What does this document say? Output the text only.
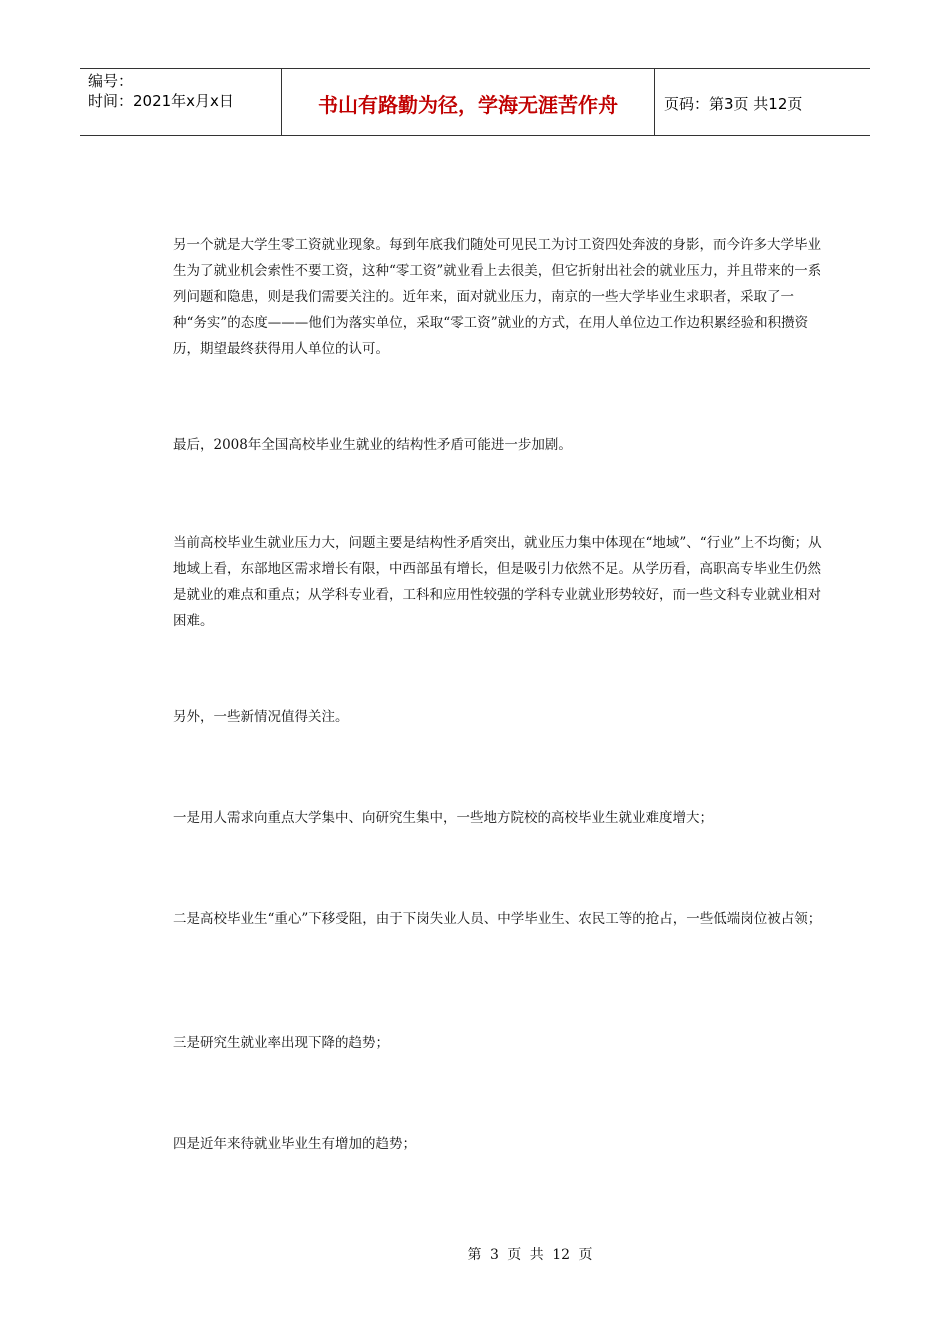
编号：
时间：2021年x月x日	书山有路勤为径，学海无涯苦作舟	页码：第3页 共12页

另一个就是大学生零工资就业现象。每到年底我们随处可见民工为讨工资四处奔波的身影，而今许多大学毕业生为了就业机会索性不要工资，这种“零工资”就业看上去很美，但它折射出社会的就业压力，并且带来的一系列问题和隐患，则是我们需要关注的。近年来，面对就业压力，南京的一些大学毕业生求职者，采取了一种“务实”的态度———他们为落实单位，采取“零工资”就业的方式，在用人单位边工作边积累经验和积攒资历，期望最终获得用人单位的认可。

最后，2008年全国高校毕业生就业的结构性矛盾可能进一步加剧。

当前高校毕业生就业压力大，问题主要是结构性矛盾突出，就业压力集中体现在“地域”、“行业”上不均衡；从地域上看，东部地区需求增长有限，中西部虽有增长，但是吸引力依然不足。从学历看，高职高专毕业生仍然是就业的难点和重点；从学科专业看，工科和应用性较强的学科专业就业形势较好，而一些文科专业就业相对困难。

另外，一些新情况值得关注。

一是用人需求向重点大学集中、向研究生集中，一些地方院校的高校毕业生就业难度增大；

二是高校毕业生“重心”下移受阻，由于下岗失业人员、中学毕业生、农民工等的抢占，一些低端岗位被占领；

三是研究生就业率出现下降的趋势；

四是近年来待就业毕业生有增加的趋势；

第 3 页 共 12 页
